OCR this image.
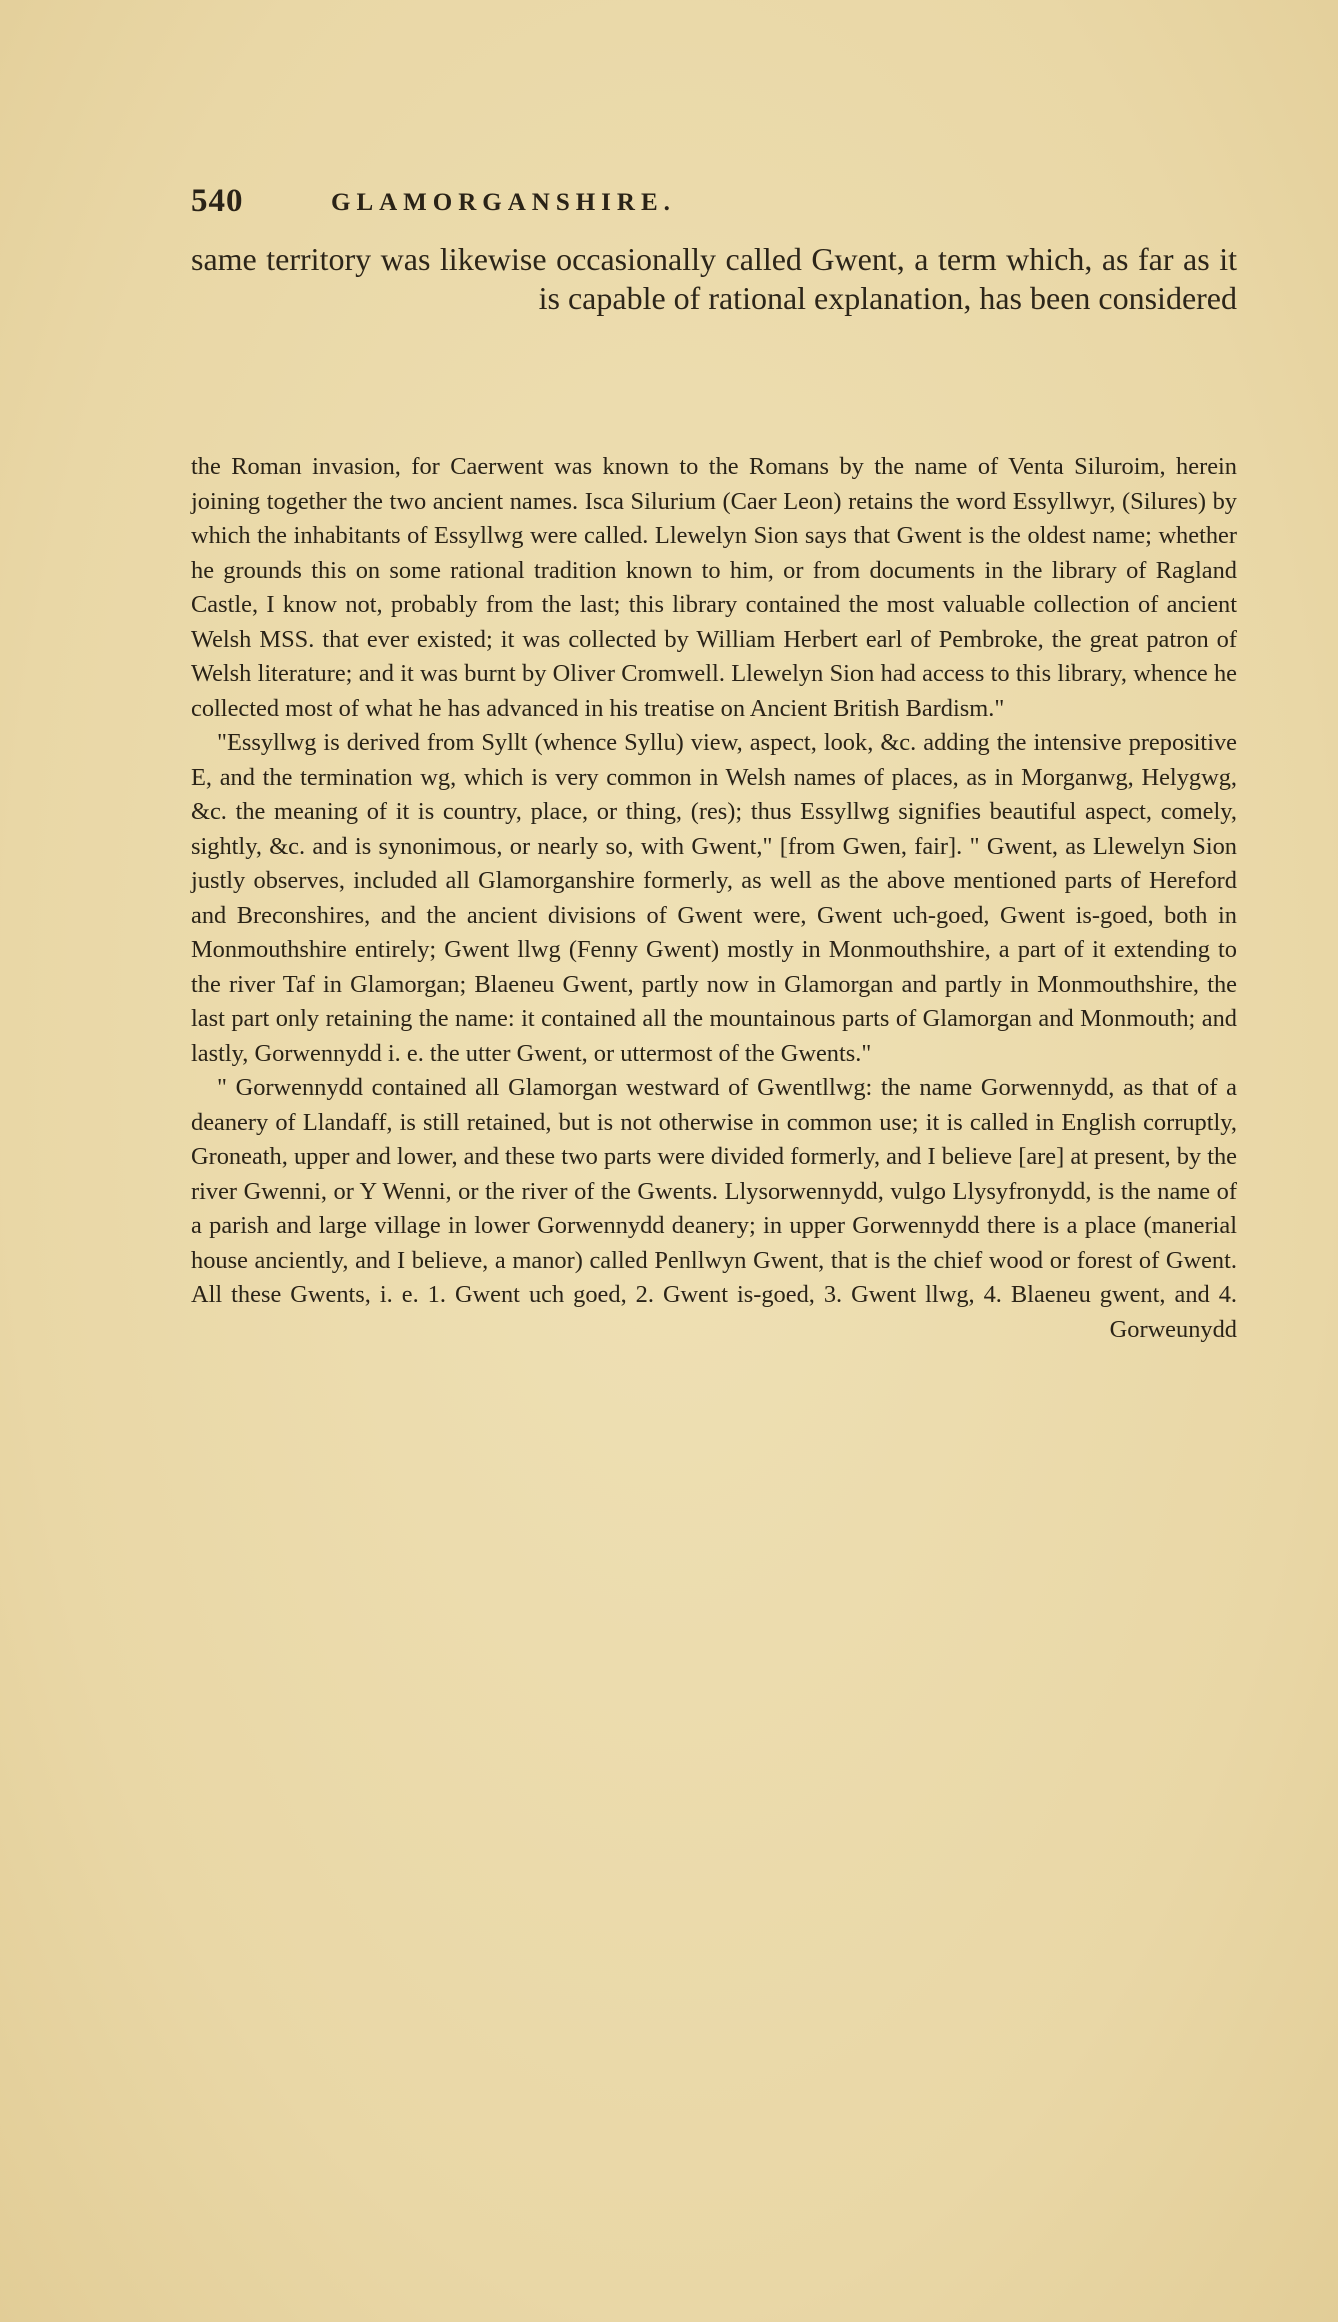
540	GLAMORGANSHIRE.

same territory was likewise occasionally called Gwent, a term which, as far as it is capable of rational explanation, has been considered

the Roman invasion, for Caerwent was known to the Romans by the name of Venta Siluroim, herein joining together the two ancient names. Isca Silurium (Caer Leon) retains the word Essyllwyr, (Silures) by which the inhabitants of Essyllwg were called. Llewelyn Sion says that Gwent is the oldest name; whether he grounds this on some rational tradition known to him, or from documents in the library of Ragland Castle, I know not, probably from the last; this library contained the most valuable collection of ancient Welsh MSS. that ever existed; it was collected by William Herbert earl of Pembroke, the great patron of Welsh literature; and it was burnt by Oliver Cromwell. Llewelyn Sion had access to this library, whence he collected most of what he has advanced in his treatise on Ancient British Bardism."

"Essyllwg is derived from Syllt (whence Syllu) view, aspect, look, &c. adding the intensive prepositive E, and the termination wg, which is very common in Welsh names of places, as in Morganwg, Helygwg, &c. the meaning of it is country, place, or thing, (res); thus Essyllwg signifies beautiful aspect, comely, sightly, &c. and is synonimous, or nearly so, with Gwent," [from Gwen, fair]. " Gwent, as Llewelyn Sion justly observes, included all Glamorganshire formerly, as well as the above mentioned parts of Hereford and Breconshires, and the ancient divisions of Gwent were, Gwent uch-goed, Gwent is-goed, both in Monmouthshire entirely; Gwent llwg (Fenny Gwent) mostly in Monmouthshire, a part of it extending to the river Taf in Glamorgan; Blaeneu Gwent, partly now in Glamorgan and partly in Monmouthshire, the last part only retaining the name: it contained all the mountainous parts of Glamorgan and Monmouth; and lastly, Gorwennydd i. e. the utter Gwent, or uttermost of the Gwents."

" Gorwennydd contained all Glamorgan westward of Gwentllwg: the name Gorwennydd, as that of a deanery of Llandaff, is still retained, but is not otherwise in common use; it is called in English corruptly, Groneath, upper and lower, and these two parts were divided formerly, and I believe [are] at present, by the river Gwenni, or Y Wenni, or the river of the Gwents. Llysorwennydd, vulgo Llysyfronydd, is the name of a parish and large village in lower Gorwennydd deanery; in upper Gorwennydd there is a place (manerial house anciently, and I believe, a manor) called Penllwyn Gwent, that is the chief wood or forest of Gwent. All these Gwents, i. e. 1. Gwent uch goed, 2. Gwent is-goed, 3. Gwent llwg, 4. Blaeneu gwent, and 4. Gorweunydd
